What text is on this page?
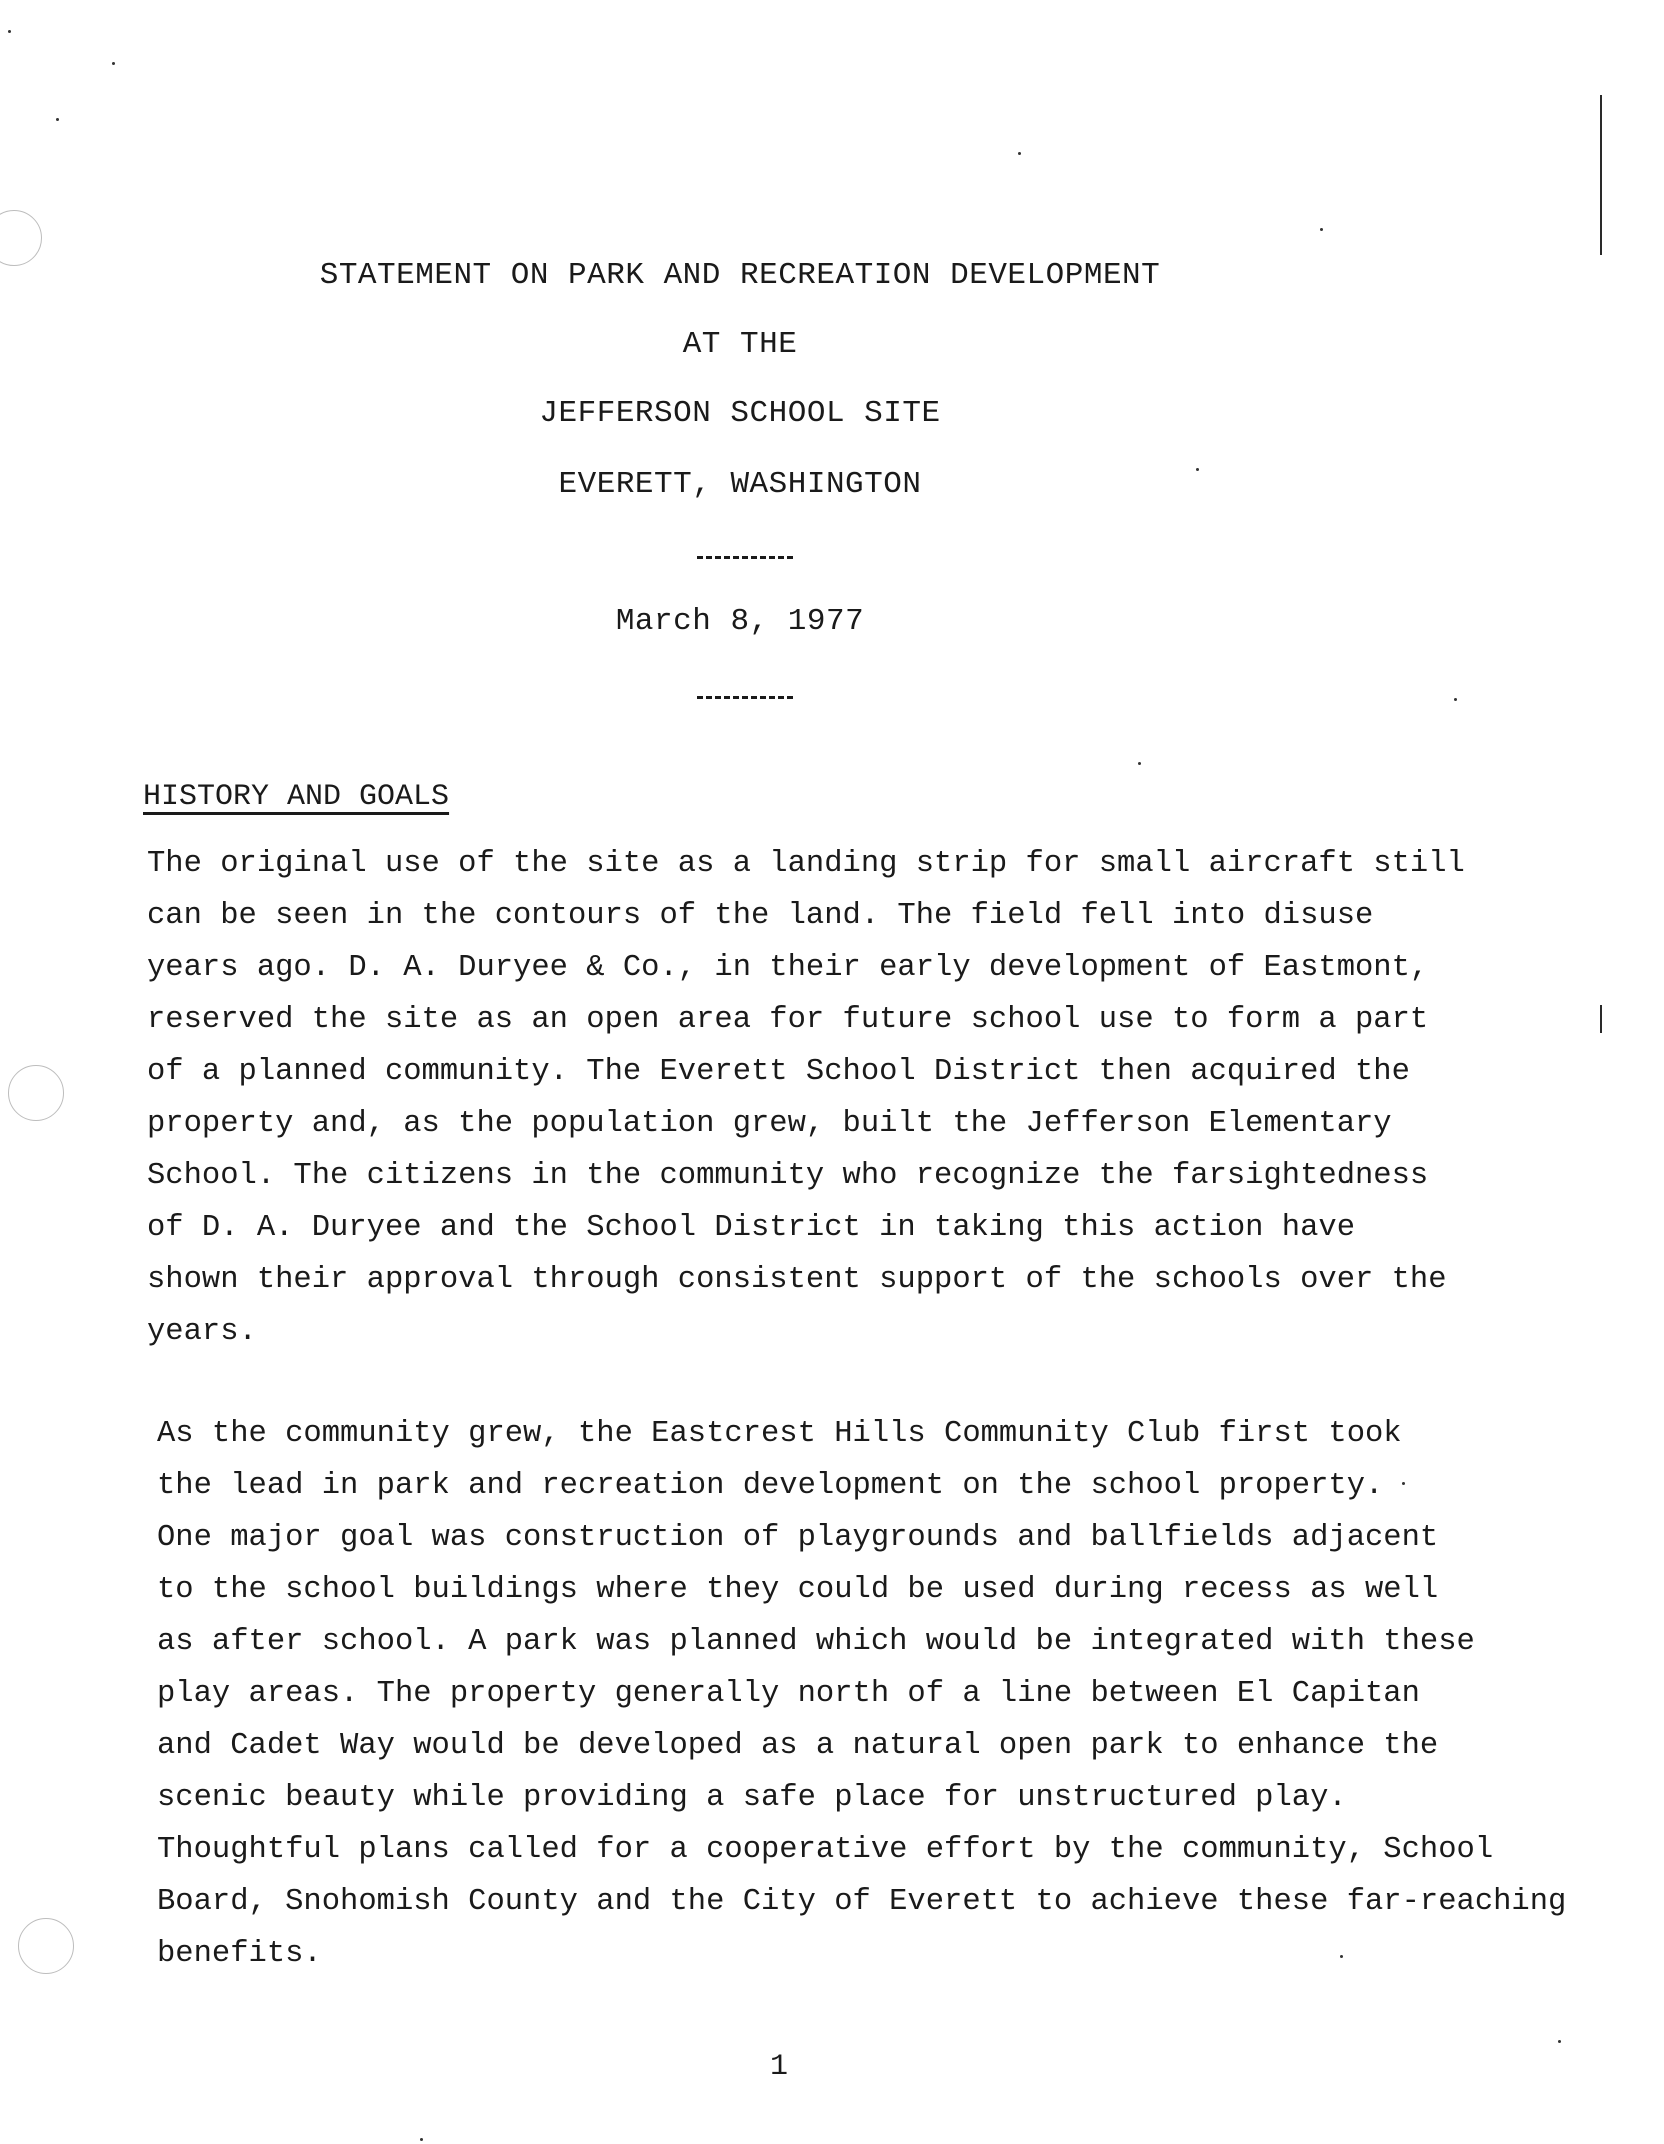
STATEMENT ON PARK AND RECREATION DEVELOPMENT
AT THE
JEFFERSON SCHOOL SITE
EVERETT, WASHINGTON
March 8, 1977
HISTORY AND GOALS
The original use of the site as a landing strip for small aircraft still
can be seen in the contours of the land. The field fell into disuse
years ago. D. A. Duryee & Co., in their early development of Eastmont,
reserved the site as an open area for future school use to form a part
of a planned community. The Everett School District then acquired the
property and, as the population grew, built the Jefferson Elementary
School. The citizens in the community who recognize the farsightedness
of D. A. Duryee and the School District in taking this action have
shown their approval through consistent support of the schools over the
years.
As the community grew, the Eastcrest Hills Community Club first took
the lead in park and recreation development on the school property.
One major goal was construction of playgrounds and ballfields adjacent
to the school buildings where they could be used during recess as well
as after school. A park was planned which would be integrated with these
play areas. The property generally north of a line between El Capitan
and Cadet Way would be developed as a natural open park to enhance the
scenic beauty while providing a safe place for unstructured play.
Thoughtful plans called for a cooperative effort by the community, School
Board, Snohomish County and the City of Everett to achieve these far-reaching
benefits.
1
